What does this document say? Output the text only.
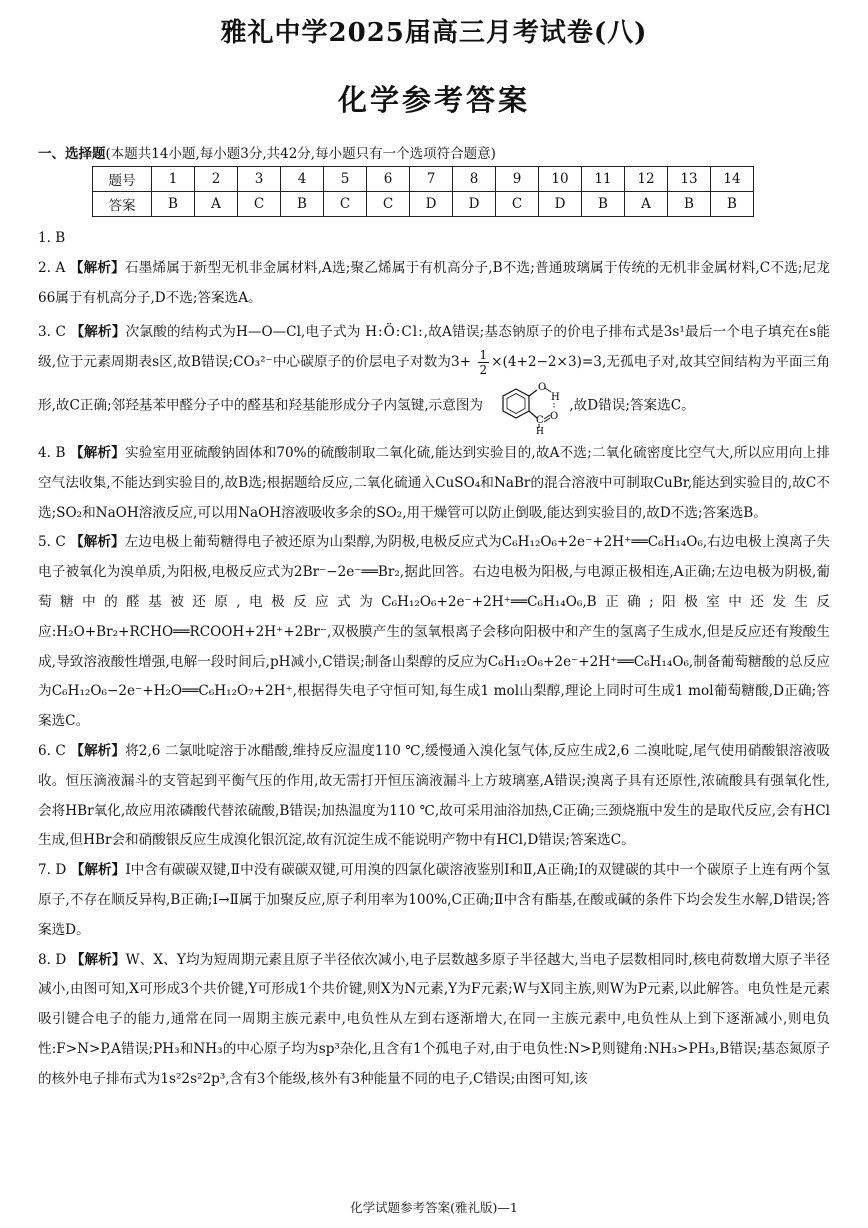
雅礼中学2025届高三月考试卷(八)
化学参考答案
一、选择题(本题共14小题,每小题3分,共42分,每小题只有一个选项符合题意)
题号	1	2	3	4	5	6	7	8	9	10	11	12	13	14
答案	B	A	C	B	C	C	D	D	C	D	B	A	B	B

1. B

2. A 【解析】石墨烯属于新型无机非金属材料,A选;聚乙烯属于有机高分子,B不选;普通玻璃属于传统的无机非金属材料,C不选;尼龙66属于有机高分子,D不选;答案选A。

3. C 【解析】次氯酸的结构式为H—O—Cl,电子式为 H:Ö:Cl:,故A错误;基态钠原子的价电子排布式是3s¹最后一个电子填充在s能级,位于元素周期表s区,故B错误;CO₃²⁻中心碳原子的价层电子对数为$3+ \frac{1}{2} \times(4+2-2\times 3)=3$,无孤电子对,故其空间结构为平面三角形,故C正确;邻羟基苯甲醛分子中的醛基和羟基能形成分子内氢键,示意图为
O
H
C O
H
,故D错误;答案选C。

4. B 【解析】实验室用亚硫酸钠固体和70%的硫酸制取二氧化硫,能达到实验目的,故A不选;二氧化硫密度比空气大,所以应用向上排空气法收集,不能达到实验目的,故B选;根据题给反应,二氧化硫通入CuSO₄和NaBr的混合溶液中可制取CuBr,能达到实验目的,故C不选;SO₂和NaOH溶液反应,可以用NaOH溶液吸收多余的SO₂,用干燥管可以防止倒吸,能达到实验目的,故D不选;答案选B。

5. C 【解析】左边电极上葡萄糖得电子被还原为山梨醇,为阴极,电极反应式为C₆H₁₂O₆+2e⁻+2H⁺══C₆H₁₄O₆,右边电极上溴离子失电子被氧化为溴单质,为阳极,电极反应式为2Br⁻−2e⁻══Br₂,据此回答。右边电极为阳极,与电源正极相连,A正确;左边电极为阴极,葡萄糖中的醛基被还原,电极反应式为C₆H₁₂O₆+2e⁻+2H⁺══C₆H₁₄O₆,B正确;阳极室中还发生反应:H₂O+Br₂+RCHO══RCOOH+2H⁺+2Br⁻,双极膜产生的氢氧根离子会移向阳极中和产生的氢离子生成水,但是反应还有羧酸生成,导致溶液酸性增强,电解一段时间后,pH减小,C错误;制备山梨醇的反应为C₆H₁₂O₆+2e⁻+2H⁺══C₆H₁₄O₆,制备葡萄糖酸的总反应为C₆H₁₂O₆−2e⁻+H₂O══C₆H₁₂O₇+2H⁺,根据得失电子守恒可知,每生成1 mol山梨醇,理论上同时可生成1 mol葡萄糖酸,D正确;答案选C。

6. C 【解析】将2,6 二氯吡啶溶于冰醋酸,维持反应温度110 ℃,缓慢通入溴化氢气体,反应生成2,6 二溴吡啶,尾气使用硝酸银溶液吸收。恒压滴液漏斗的支管起到平衡气压的作用,故无需打开恒压滴液漏斗上方玻璃塞,A错误;溴离子具有还原性,浓硫酸具有强氧化性,会将HBr氧化,故应用浓磷酸代替浓硫酸,B错误;加热温度为110 ℃,故可采用油浴加热,C正确;三颈烧瓶中发生的是取代反应,会有HCl生成,但HBr会和硝酸银反应生成溴化银沉淀,故有沉淀生成不能说明产物中有HCl,D错误;答案选C。

7. D 【解析】Ⅰ中含有碳碳双键,Ⅱ中没有碳碳双键,可用溴的四氯化碳溶液鉴别Ⅰ和Ⅱ,A正确;Ⅰ的双键碳的其中一个碳原子上连有两个氢原子,不存在顺反异构,B正确;Ⅰ→Ⅱ属于加聚反应,原子利用率为100%,C正确;Ⅱ中含有酯基,在酸或碱的条件下均会发生水解,D错误;答案选D。

8. D 【解析】W、X、Y均为短周期元素且原子半径依次减小,电子层数越多原子半径越大,当电子层数相同时,核电荷数增大原子半径减小,由图可知,X可形成3个共价键,Y可形成1个共价键,则X为N元素,Y为F元素;W与X同主族,则W为P元素,以此解答。电负性是元素吸引键合电子的能力,通常在同一周期主族元素中,电负性从左到右逐渐增大,在同一主族元素中,电负性从上到下逐渐减小,则电负性:F>N>P,A错误;PH₃和NH₃的中心原子均为sp³杂化,且含有1个孤电子对,由于电负性:N>P,则键角:NH₃>PH₃,B错误;基态氮原子的核外电子排布式为1s²2s²2p³,含有3个能级,核外有3种能量不同的电子,C错误;由图可知,该

化学试题参考答案(雅礼版)—1
